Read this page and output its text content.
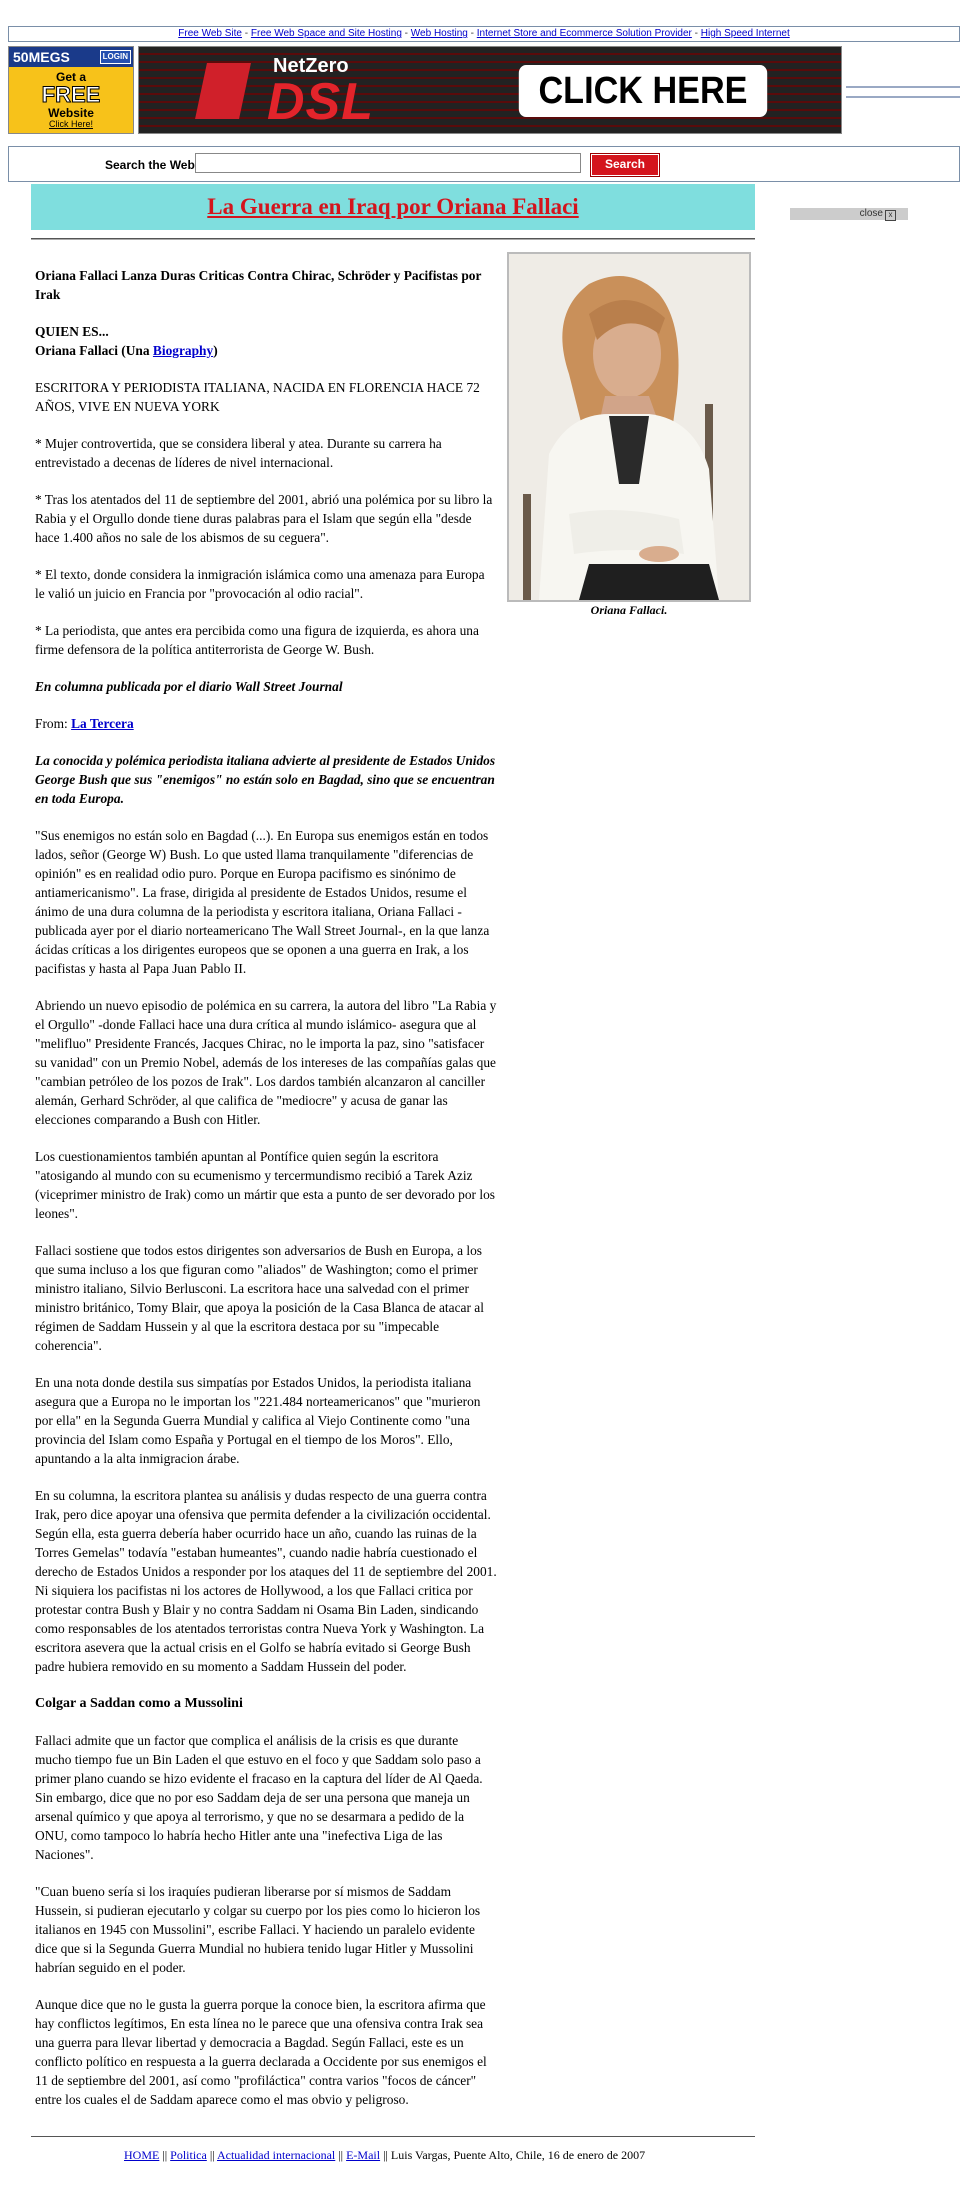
Free Web Site - Free Web Space and Site Hosting - Web Hosting - Internet Store and Ecommerce Solution Provider - High Speed Internet
50MEGS	LOGIN
Get a
FREE
Website
Click Here!
NetZero
DSL	CLICK HERE
Search the Web	Search
La Guerra en Iraq por Oriana Fallaci	close x
Oriana Fallaci.

Oriana Fallaci Lanza Duras Criticas Contra Chirac, Schröder y Pacifistas por Irak

QUIEN ES...
Oriana Fallaci (Una Biography)

ESCRITORA Y PERIODISTA ITALIANA, NACIDA EN FLORENCIA HACE 72 AÑOS, VIVE EN NUEVA YORK

* Mujer controvertida, que se considera liberal y atea. Durante su carrera ha entrevistado a decenas de líderes de nivel internacional.

* Tras los atentados del 11 de septiembre del 2001, abrió una polémica por su libro la Rabia y el Orgullo donde tiene duras palabras para el Islam que según ella "desde hace 1.400 años no sale de los abismos de su ceguera".

* El texto, donde considera la inmigración islámica como una amenaza para Europa le valió un juicio en Francia por "provocación al odio racial".

* La periodista, que antes era percibida como una figura de izquierda, es ahora una firme defensora de la política antiterrorista de George W. Bush.

En columna publicada por el diario Wall Street Journal

From: La Tercera

La conocida y polémica periodista italiana advierte al presidente de Estados Unidos George Bush que sus "enemigos" no están solo en Bagdad, sino que se encuentran en toda Europa.

"Sus enemigos no están solo en Bagdad (...). En Europa sus enemigos están en todos lados, señor (George W) Bush. Lo que usted llama tranquilamente "diferencias de opinión" es en realidad odio puro. Porque en Europa pacifismo es sinónimo de antiamericanismo". La frase, dirigida al presidente de Estados Unidos, resume el ánimo de una dura columna de la periodista y escritora italiana, Oriana Fallaci -publicada ayer por el diario norteamericano The Wall Street Journal-, en la que lanza ácidas críticas a los dirigentes europeos que se oponen a una guerra en Irak, a los pacifistas y hasta al Papa Juan Pablo II.

Abriendo un nuevo episodio de polémica en su carrera, la autora del libro "La Rabia y el Orgullo" -donde Fallaci hace una dura crítica al mundo islámico- asegura que al "melifluo" Presidente Francés, Jacques Chirac, no le importa la paz, sino "satisfacer su vanidad" con un Premio Nobel, además de los intereses de las compañías galas que "cambian petróleo de los pozos de Irak". Los dardos también alcanzaron al canciller alemán, Gerhard Schröder, al que califica de "mediocre" y acusa de ganar las elecciones comparando a Bush con Hitler.

Los cuestionamientos también apuntan al Pontífice quien según la escritora "atosigando al mundo con su ecumenismo y tercermundismo recibió a Tarek Aziz (viceprimer ministro de Irak) como un mártir que esta a punto de ser devorado por los leones".

Fallaci sostiene que todos estos dirigentes son adversarios de Bush en Europa, a los que suma incluso a los que figuran como "aliados" de Washington; como el primer ministro italiano, Silvio Berlusconi. La escritora hace una salvedad con el primer ministro británico, Tomy Blair, que apoya la posición de la Casa Blanca de atacar al régimen de Saddam Hussein y al que la escritora destaca por su "impecable coherencia".

En una nota donde destila sus simpatías por Estados Unidos, la periodista italiana asegura que a Europa no le importan los "221.484 norteamericanos" que "murieron por ella" en la Segunda Guerra Mundial y califica al Viejo Continente como "una provincia del Islam como España y Portugal en el tiempo de los Moros". Ello, apuntando a la alta inmigracion árabe.

En su columna, la escritora plantea su análisis y dudas respecto de una guerra contra Irak, pero dice apoyar una ofensiva que permita defender a la civilización occidental. Según ella, esta guerra debería haber ocurrido hace un año, cuando las ruinas de la Torres Gemelas" todavía "estaban humeantes", cuando nadie habría cuestionado el derecho de Estados Unidos a responder por los ataques del 11 de septiembre del 2001. Ni siquiera los pacifistas ni los actores de Hollywood, a los que Fallaci critica por protestar contra Bush y Blair y no contra Saddam ni Osama Bin Laden, sindicando como responsables de los atentados terroristas contra Nueva York y Washington. La escritora asevera que la actual crisis en el Golfo se habría evitado si George Bush padre hubiera removido en su momento a Saddam Hussein del poder.

Colgar a Saddan como a Mussolini

Fallaci admite que un factor que complica el análisis de la crisis es que durante mucho tiempo fue un Bin Laden el que estuvo en el foco y que Saddam solo paso a primer plano cuando se hizo evidente el fracaso en la captura del líder de Al Qaeda. Sin embargo, dice que no por eso Saddam deja de ser una persona que maneja un arsenal químico y que apoya al terrorismo, y que no se desarmara a pedido de la ONU, como tampoco lo habría hecho Hitler ante una "inefectiva Liga de las Naciones".

"Cuan bueno sería si los iraquíes pudieran liberarse por sí mismos de Saddam Hussein, si pudieran ejecutarlo y colgar su cuerpo por los pies como lo hicieron los italianos en 1945 con Mussolini", escribe Fallaci. Y haciendo un paralelo evidente dice que si la Segunda Guerra Mundial no hubiera tenido lugar Hitler y Mussolini habrían seguido en el poder.

Aunque dice que no le gusta la guerra porque la conoce bien, la escritora afirma que hay conflictos legítimos, En esta línea no le parece que una ofensiva contra Irak sea una guerra para llevar libertad y democracia a Bagdad. Según Fallaci, este es un conflicto político en respuesta a la guerra declarada a Occidente por sus enemigos el 11 de septiembre del 2001, así como "profiláctica" contra varios "focos de cáncer" entre los cuales el de Saddam aparece como el mas obvio y peligroso.

HOME || Politica || Actualidad internacional || E-Mail || Luis Vargas, Puente Alto, Chile, 16 de enero de 2007
